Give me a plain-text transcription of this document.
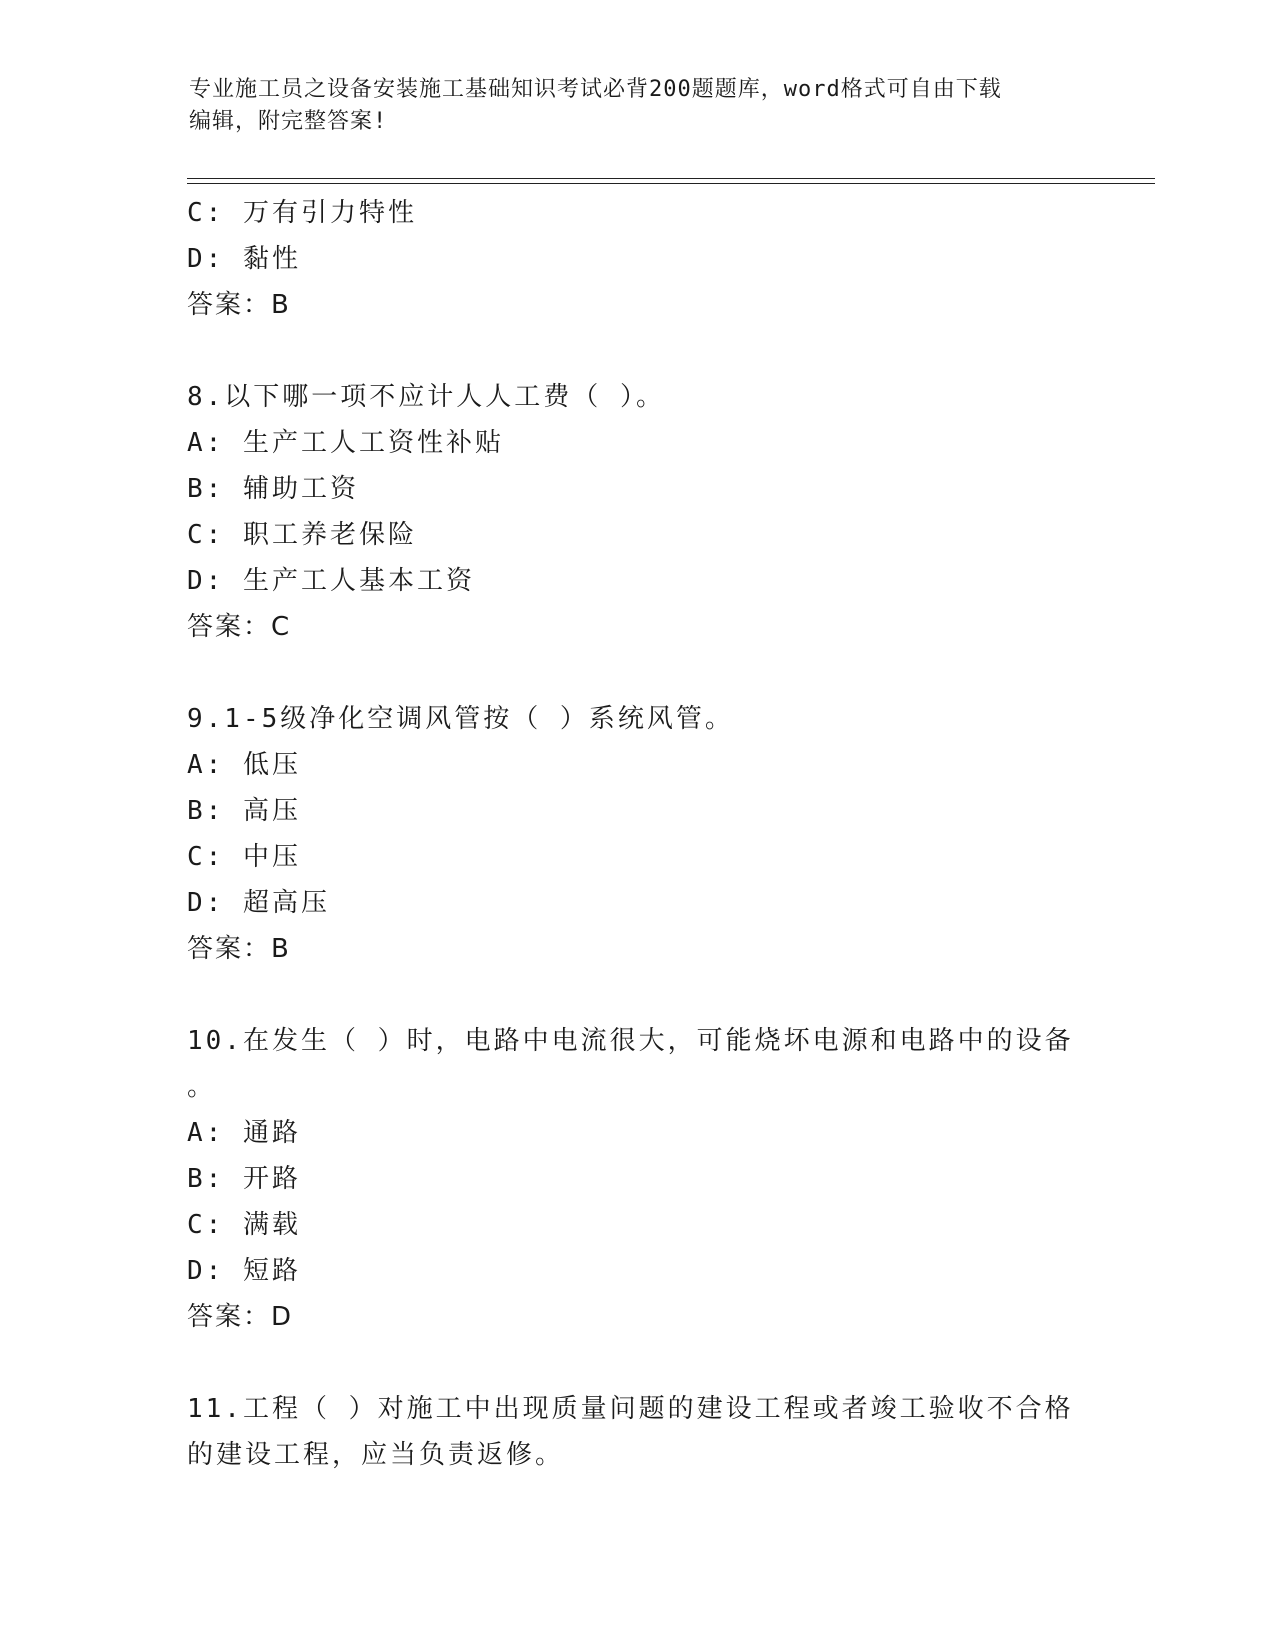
专业施工员之设备安装施工基础知识考试必背200题题库，word格式可自由下载
编辑，附完整答案!
C: 万有引力特性
D: 黏性
答案：B
8.以下哪一项不应计人人工费（ ）。
A: 生产工人工资性补贴
B: 辅助工资
C: 职工养老保险
D: 生产工人基本工资
答案：C
9.1-5级净化空调风管按（ ）系统风管。
A: 低压
B: 高压
C: 中压
D: 超高压
答案：B
10.在发生（ ）时，电路中电流很大，可能烧坏电源和电路中的设备
。
A: 通路
B: 开路
C: 满载
D: 短路
答案：D
11.工程（ ）对施工中出现质量问题的建设工程或者竣工验收不合格
的建设工程，应当负责返修。
